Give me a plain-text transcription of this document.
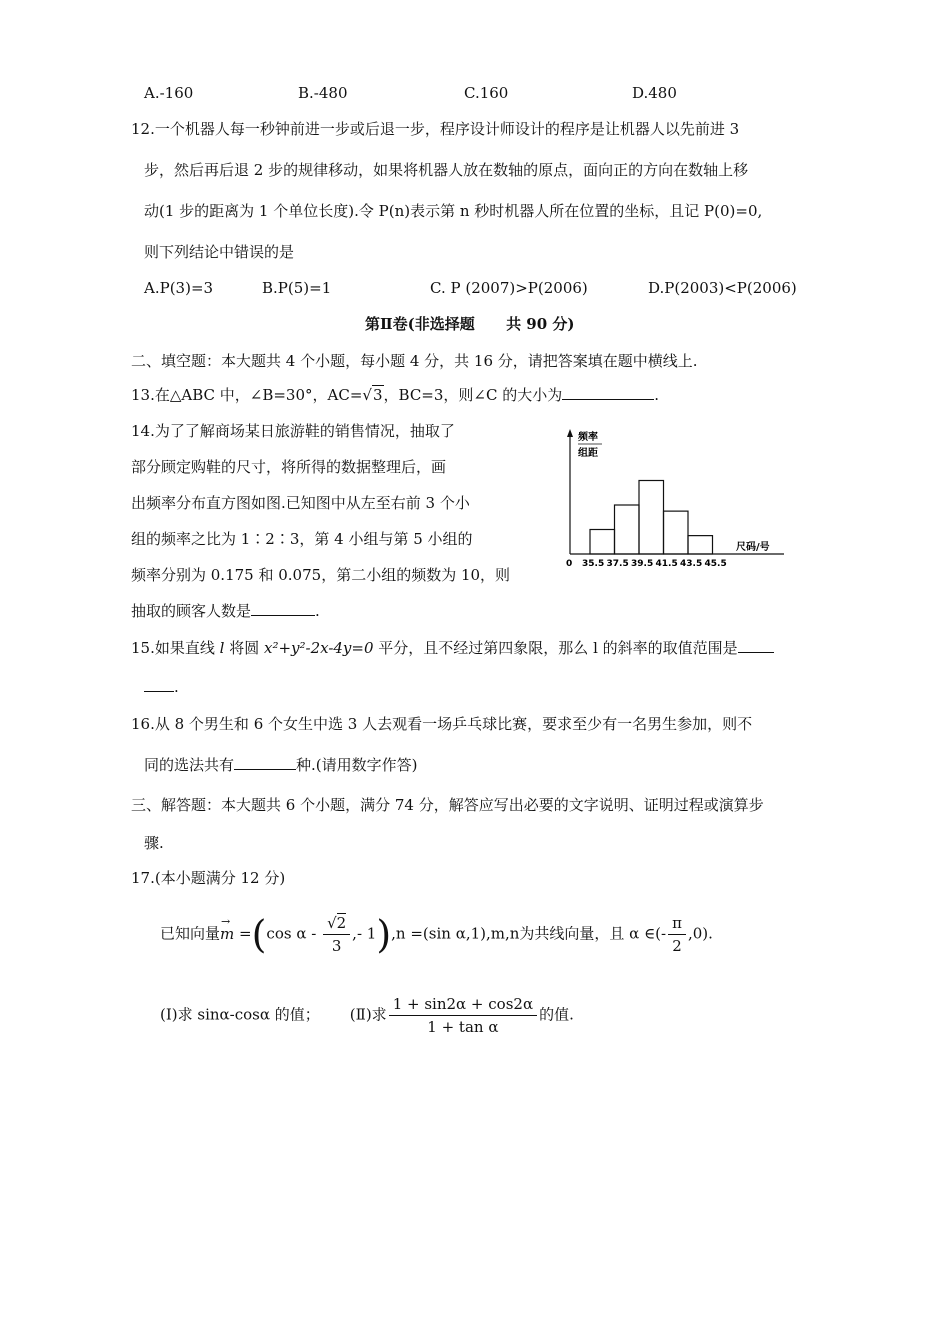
A.-160	B.-480	C.160	D.480
12.一个机器人每一秒钟前进一步或后退一步，程序设计师设计的程序是让机器人以先前进 3
步，然后再后退 2 步的规律移动，如果将机器人放在数轴的原点，面向正的方向在数轴上移
动(1 步的距离为 1 个单位长度).令 P(n)表示第 n 秒时机器人所在位置的坐标，且记 P(0)=0,
则下列结论中错误的是
A.P(3)=3	B.P(5)=1	C. P (2007)>P(2006)	D.P(2003)<P(2006)
第Ⅱ卷(非选择题      共 90 分)
二、填空题：本大题共 4 个小题，每小题 4 分，共 16 分，请把答案填在题中横线上.
13.在△ABC 中，∠B=30°，AC=√3，BC=3，则∠C 的大小为	.
14.为了了解商场某日旅游鞋的销售情况，抽取了
部分顾定购鞋的尺寸，将所得的数据整理后，画
出频率分布直方图如图.已知图中从左至右前 3 个小
组的频率之比为 1∶2∶3，第 4 小组与第 5 小组的
频率分别为 0.175 和 0.075，第二小组的频数为 10，则
抽取的顾客人数是	.
频率
组距
尺码/号
0 35.5 37.5 39.5 41.5 43.5 45.5
15.如果直线 l 将圆 x²+y²-2x-4y=0 平分，且不经过第四象限，那么 l 的斜率的取值范围是
.
16.从 8 个男生和 6 个女生中选 3 人去观看一场乒乓球比赛，要求至少有一名男生参加，则不
同的选法共有	种.(请用数字作答)
三、解答题：本大题共 6 个小题，满分 74 分，解答应写出必要的文字说明、证明过程或演算步
骤.
17.(本小题满分 12 分)
已知向量
→
m =(cos α - $\frac{√2}{3}$ ,- 1),n =(sin α,1),m,n为共线向量，且 α ∈(- $\frac{\pi}{2} ,0$).
(Ⅰ)求 sinα-cosα 的值； (Ⅱ)求 $\frac{1 + \sin 2\alpha + \cos 2\alpha}{\text{1 + tan α}}$ 的值.
